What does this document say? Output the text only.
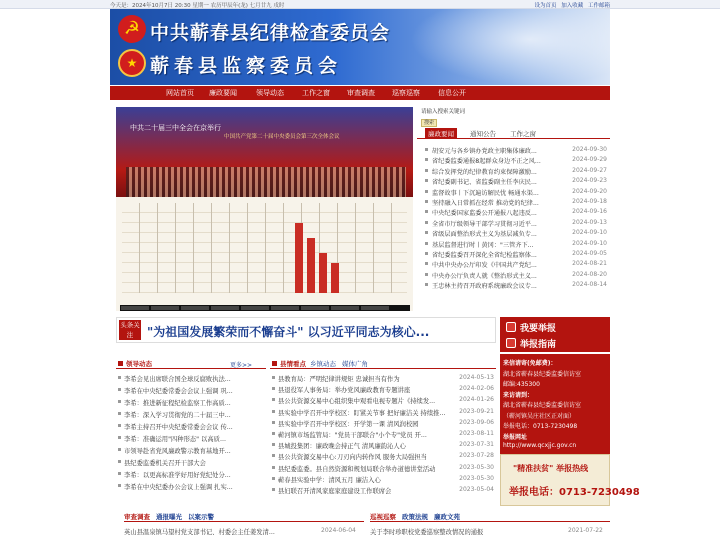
今天是：2024年10月7日 20:30 星期一 农历甲辰年(龙) 七月廿九 戌时	设为首页 加入收藏 工作邮箱
☭
★
中共蕲春县纪律检查委员会
蕲春县监察委员会
网站首页 廉政要闻	领导动态	工作之窗 审查调查 巡察巡察	信息公开
中共二十届三中全会在京举行
中国共产党第二十届中央委员会第三次全体会议
请输入搜索关键词
搜索
廉政要闻	通知公告	工作之窗
胡安元与各乡镇办党政主职集体廉政...	2024-09-30
省纪委监委通报8起群众身边不正之风...	2024-09-29
综合发挥党的纪律教育约束保障激励...	2024-09-27
省纪委副书记、省监委副主任李庆民...	2024-09-23
监督故事丨下沉遍访解民忧 畅通水渠...	2024-09-20
坚持融入日常抓在经常 推动党的纪律...	2024-09-18
中央纪委国家监委公开通报八起违反...	2024-09-16
全省市厅级领导干部学习贯彻习近平...	2024-09-13
省级层面整治形式主义为基层减负专...	2024-09-10
基层监督进行时丨黄冈："三管齐下...	2024-09-10
省纪委监委召开深化全省纪检监察体...	2024-09-05
中共中央办公厅印发《中国共产党纪...	2024-08-21
中央办公厅负责人就《整治形式主义...	2024-08-20
王忠林主持召开政府系统廉政会议专...	2024-08-14
头条关注	"为祖国发展繁荣而不懈奋斗" 以习近平同志为核心...
领导动态	更多>>
李希会见出席联合国全球反腐败执法...
李希在中央纪委常委会会议上强调 巩...
李希：推进新征程纪检监察工作高质...
李希：深入学习贯彻党的二十届三中...
李希主持召开中央纪委常委会会议 传...
李希：准确运用"四种形态" 以高质...
市领导赴省党风廉政警示教育基地开...
县纪委监委机关召开干部大会
李希：以更高标准学好用好党纪处分...
李希在中央纪委办公会议上强调 扎实...
县情看点 乡镇动态 媒体广角
县教育局：严明纪律讲规矩 忠诚担当有作为	2024-05-13
县退役军人事务局：举办党风廉政教育专题讲座	2024-02-06
县公共资源交易中心组织集中观看电视专题片《持续发...	2024-01-26
县实验中学召开中学校区：盯紧关节事 把好廉洁关 持续推...	2023-09-21
县实验中学召开中学校区：开学第一课 清风润校园	2023-09-06
蕲河镇市场监管局："党员干部联合"小个专"党员 开...	2023-08-11
县城投集团：廉政晚会持正气 清风廉韵沁人心	2023-07-31
县公共资源交易中心:刀刃向内转作风 服务大局强担当	2023-07-28
县纪委监委。县自然资源和规划局联合举办道德讲堂活动	2023-05-30
蕲春县实验中学：清风五月 廉洁入心	2023-05-30
县妇联召开清风家庭家庭建设工作联席会	2023-05-04
我要举报
举报指南
来信请寄(免邮费)：
湖北省蕲春县纪委监委信访室
邮编:435300
来访请到：
湖北省蕲春县纪委监委信访室
（蕲河镇吴庄社区正对面）
举报电话：0713-7230498
举报网址
http://www.qcxjjc.gov.cn
"精准扶贫" 举报热线
举报电话：0713-7230498
审查调查 通报曝光 以案示警
英山县温泉镇马望村党支部书记、村委会主任姜发清...	2024-06-04
巡视巡察 政策法规 廉政文苑
关于李时珍职校党委巡察整改情况的通报	2021-07-22
